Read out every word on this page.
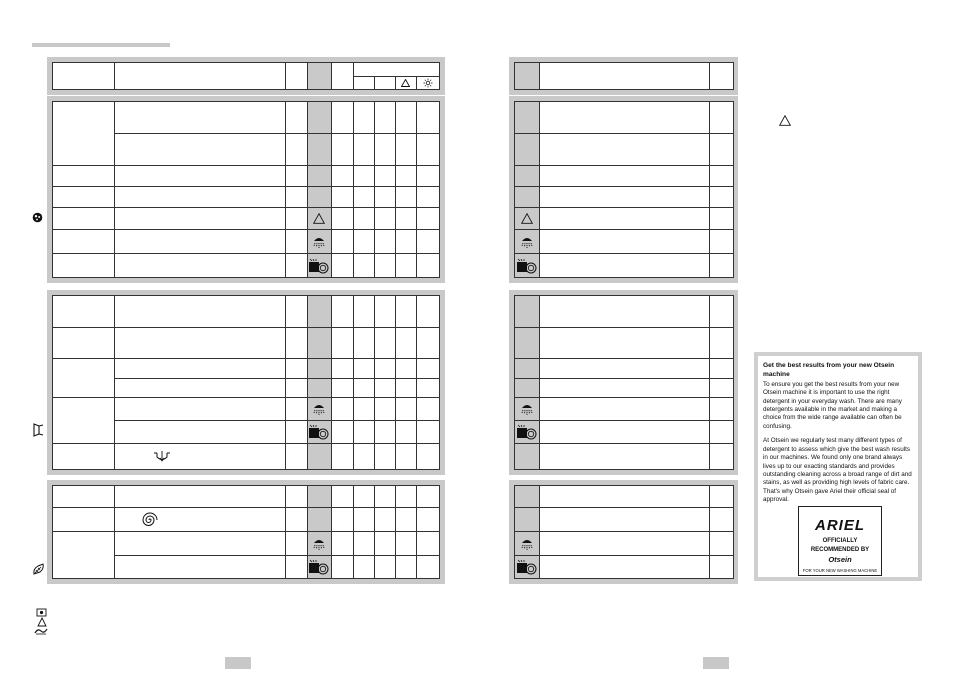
Get the best results from your new Otsein machine

To ensure you get the best results from your new Otsein machine it is important to use the right detergent in your everyday wash. There are many detergents available in the market and making a choice from the wide range available can often be confusing.

At Otsein we regularly test many different types of detergent to assess which give the best wash results in our machines. We found only one brand always lives up to our exacting standards and provides outstanding cleaning across a broad range of dirt and stains, as well as providing high levels of fabric care. That's why Otsein gave Ariel their official seal of approval.

ARIEL
OFFICIALLY
RECOMMENDED BY
Otsein
FOR YOUR NEW WASHING MACHINE
